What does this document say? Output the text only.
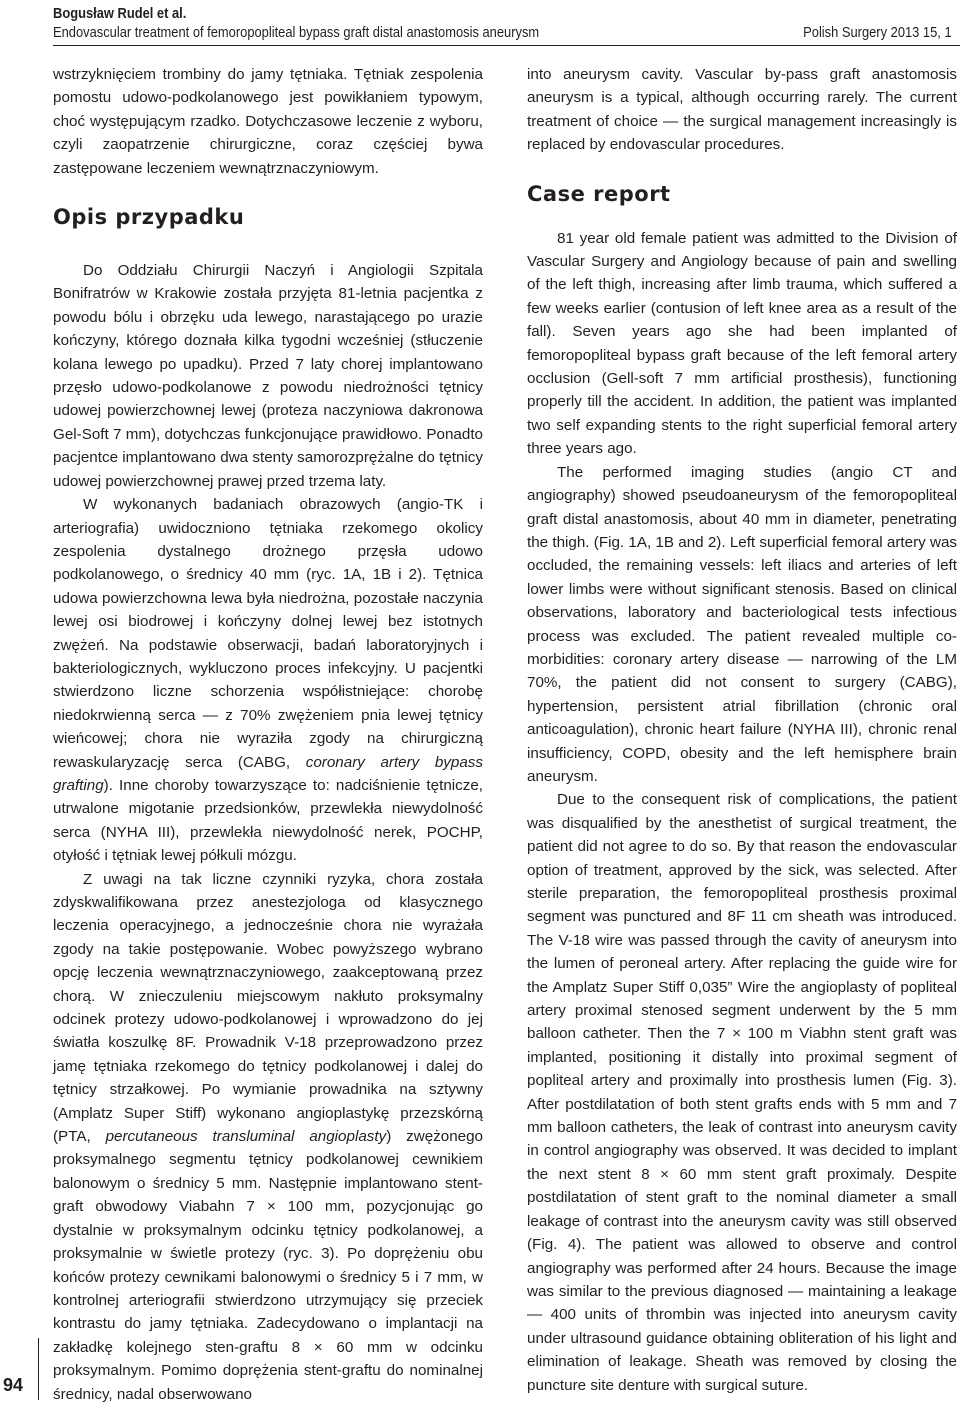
Bogusław Rudel et al.
Endovascular treatment of femoropopliteal bypass graft distal anastomosis aneurysm	Polish Surgery 2013 15, 1
94

wstrzyknięciem trombiny do jamy tętniaka. Tętniak zespolenia pomostu udowo-podkolanowego jest powikłaniem typowym, choć występującym rzadko. Dotychczasowe leczenie z wyboru, czyli zaopatrzenie chirurgiczne, coraz częściej bywa zastępowane leczeniem wewnątrznaczyniowym.

Opis przypadku

Do Oddziału Chirurgii Naczyń i Angiologii Szpitala Bonifratrów w Krakowie została przyjęta 81-letnia pacjentka z powodu bólu i obrzęku uda lewego, narastającego po urazie kończyny, którego doznała kilka tygodni wcześniej (stłuczenie kolana lewego po upadku). Przed 7 laty chorej implantowano przęsło udowo-podkolanowe z powodu niedrożności tętnicy udowej powierzchownej lewej (proteza naczyniowa dakronowa Gel-Soft 7 mm), dotychczas funkcjonujące prawidłowo. Ponadto pacjentce implantowano dwa stenty samorozprężalne do tętnicy udowej powierzchownej prawej przed trzema laty.

W wykonanych badaniach obrazowych (angio-TK i arteriografia) uwidoczniono tętniaka rzekomego okolicy zespolenia dystalnego drożnego przęsła udowo podkolanowego, o średnicy 40 mm (ryc. 1A, 1B i 2). Tętnica udowa powierzchowna lewa była niedrożna, pozostałe naczynia lewej osi biodrowej i kończyny dolnej lewej bez istotnych zwężeń. Na podstawie obserwacji, badań laboratoryjnych i bakteriologicznych, wykluczono proces infekcyjny. U pacjentki stwierdzono liczne schorzenia współistniejące: chorobę niedokrwienną serca — z 70% zwężeniem pnia lewej tętnicy wieńcowej; chora nie wyraziła zgody na chirurgiczną rewaskularyzację serca (CABG, coronary artery bypass grafting). Inne choroby towarzyszące to: nadciśnienie tętnicze, utrwalone migotanie przedsionków, przewlekła niewydolność serca (NYHA III), przewlekła niewydolność nerek, POCHP, otyłość i tętniak lewej półkuli mózgu.

Z uwagi na tak liczne czynniki ryzyka, chora została zdyskwalifikowana przez anestezjologa od klasycznego leczenia operacyjnego, a jednocześnie chora nie wyrażała zgody na takie postępowanie. Wobec powyższego wybrano opcję leczenia wewnątrznaczyniowego, zaakceptowaną przez chorą. W znieczuleniu miejscowym nakłuto proksymalny odcinek protezy udowo-podkolanowej i wprowadzono do jej światła koszulkę 8F. Prowadnik V-18 przeprowadzono przez jamę tętniaka rzekomego do tętnicy podkolanowej i dalej do tętnicy strzałkowej. Po wymianie prowadnika na sztywny (Amplatz Super Stiff) wykonano angioplastykę przezskórną (PTA, percutaneous transluminal angioplasty) zwężonego proksymalnego segmentu tętnicy podkolanowej cewnikiem balonowym o średnicy 5 mm. Następnie implantowano stent-graft obwodowy Viabahn 7 × 100 mm, pozycjonując go dystalnie w proksymalnym odcinku tętnicy podkolanowej, a proksymalnie w świetle protezy (ryc. 3). Po doprężeniu obu końców protezy cewnikami balonowymi o średnicy 5 i 7 mm, w kontrolnej arteriografii stwierdzono utrzymujący się przeciek kontrastu do jamy tętniaka. Zadecydowano o implantacji na zakładkę kolejnego sten-graftu 8 × 60 mm w odcinku proksymalnym. Pomimo doprężenia stent-graftu do nominalnej średnicy, nadal obserwowano

into aneurysm cavity. Vascular by-pass graft anastomosis aneurysm is a typical, although occurring rarely. The current treatment of choice — the surgical management increasingly is replaced by endovascular procedures.

Case report

81 year old female patient was admitted to the Division of Vascular Surgery and Angiology because of pain and swelling of the left thigh, increasing after limb trauma, which suffered a few weeks earlier (contusion of left knee area as a result of the fall). Seven years ago she had been implanted of femoropopliteal bypass graft because of the left femoral artery occlusion (Gell-soft 7 mm artificial prosthesis), functioning properly till the accident. In addition, the patient was implanted two self expanding stents to the right superficial femoral artery three years ago.

The performed imaging studies (angio CT and angiography) showed pseudoaneurysm of the femoropopliteal graft distal anastomosis, about 40 mm in diameter, penetrating the thigh. (Fig. 1A, 1B and 2). Left superficial femoral artery was occluded, the remaining vessels: left iliacs and arteries of left lower limbs were without significant stenosis. Based on clinical observations, laboratory and bacteriological tests infectious process was excluded. The patient revealed multiple co-morbidities: coronary artery disease — narrowing of the LM 70%, the patient did not consent to surgery (CABG), hypertension, persistent atrial fibrillation (chronic oral anticoagulation), chronic heart failure (NYHA III), chronic renal insufficiency, COPD, obesity and the left hemisphere brain aneurysm.

Due to the consequent risk of complications, the patient was disqualified by the anesthetist of surgical treatment, the patient did not agree to do so. By that reason the endovascular option of treatment, approved by the sick, was selected. After sterile preparation, the femoropopliteal prosthesis proximal segment was punctured and 8F 11 cm sheath was introduced. The V-18 wire was passed through the cavity of aneurysm into the lumen of peroneal artery. After replacing the guide wire for the Amplatz Super Stiff 0,035” Wire the angioplasty of popliteal artery proximal stenosed segment underwent by the 5 mm balloon catheter. Then the 7 × 100 m Viabhn stent graft was implanted, positioning it distally into proximal segment of popliteal artery and proximally into prosthesis lumen (Fig. 3). After postdilatation of both stent grafts ends with 5 mm and 7 mm balloon catheters, the leak of contrast into aneurysm cavity in control angiography was observed. It was decided to implant the next stent 8 × 60 mm stent graft proximaly. Despite postdilatation of stent graft to the nominal diameter a small leakage of contrast into the aneurysm cavity was still observed (Fig. 4). The patient was allowed to observe and control angiography was performed after 24 hours. Because the image was similar to the previous diagnosed — maintaining a leakage — 400 units of thrombin was injected into aneurysm cavity under ultrasound guidance obtaining obliteration of his light and elimination of leakage. Sheath was removed by closing the puncture site denture with surgical suture.
